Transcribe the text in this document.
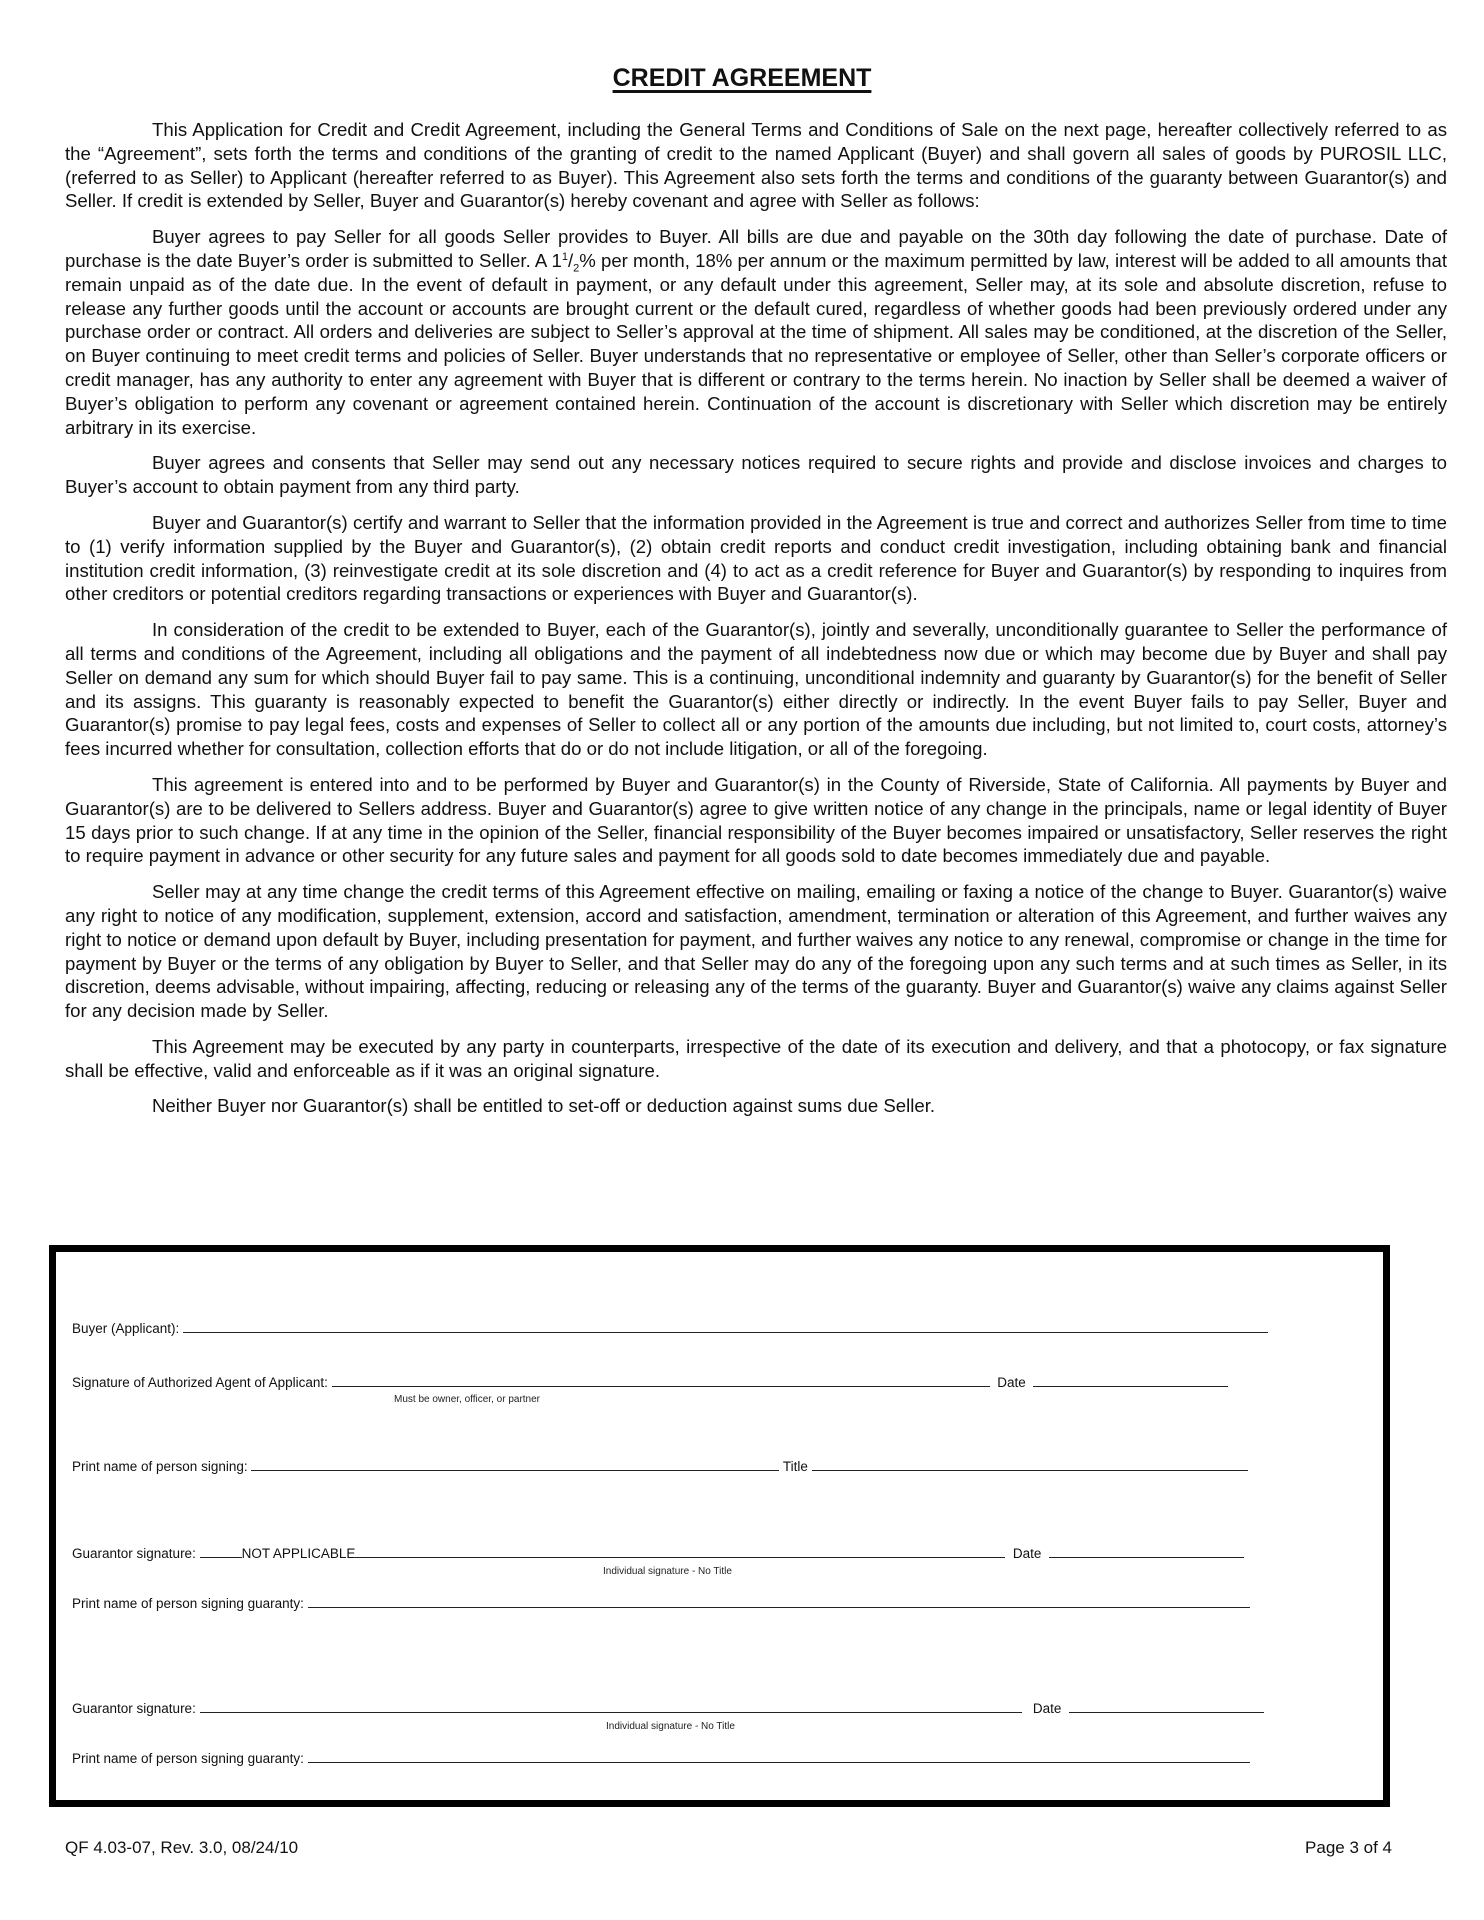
CREDIT AGREEMENT

This Application for Credit and Credit Agreement, including the General Terms and Conditions of Sale on the next page, hereafter collectively referred to as the “Agreement”, sets forth the terms and conditions of the granting of credit to the named Applicant (Buyer) and shall govern all sales of goods by PUROSIL LLC, (referred to as Seller) to Applicant (hereafter referred to as Buyer). This Agreement also sets forth the terms and conditions of the guaranty between Guarantor(s) and Seller. If credit is extended by Seller, Buyer and Guarantor(s) hereby covenant and agree with Seller as follows:

Buyer agrees to pay Seller for all goods Seller provides to Buyer. All bills are due and payable on the 30th day following the date of purchase. Date of purchase is the date Buyer’s order is submitted to Seller. A $1^1/_2\%$ per month, 18% per annum or the maximum permitted by law, interest will be added to all amounts that remain unpaid as of the date due. In the event of default in payment, or any default under this agreement, Seller may, at its sole and absolute discretion, refuse to release any further goods until the account or accounts are brought current or the default cured, regardless of whether goods had been previously ordered under any purchase order or contract. All orders and deliveries are subject to Seller’s approval at the time of shipment. All sales may be conditioned, at the discretion of the Seller, on Buyer continuing to meet credit terms and policies of Seller. Buyer understands that no representative or employee of Seller, other than Seller’s corporate officers or credit manager, has any authority to enter any agreement with Buyer that is different or contrary to the terms herein. No inaction by Seller shall be deemed a waiver of Buyer’s obligation to perform any covenant or agreement contained herein. Continuation of the account is discretionary with Seller which discretion may be entirely arbitrary in its exercise.

Buyer agrees and consents that Seller may send out any necessary notices required to secure rights and provide and disclose invoices and charges to Buyer’s account to obtain payment from any third party.

Buyer and Guarantor(s) certify and warrant to Seller that the information provided in the Agreement is true and correct and authorizes Seller from time to time to (1) verify information supplied by the Buyer and Guarantor(s), (2) obtain credit reports and conduct credit investigation, including obtaining bank and financial institution credit information, (3) reinvestigate credit at its sole discretion and (4) to act as a credit reference for Buyer and Guarantor(s) by responding to inquires from other creditors or potential creditors regarding transactions or experiences with Buyer and Guarantor(s).

In consideration of the credit to be extended to Buyer, each of the Guarantor(s), jointly and severally, unconditionally guarantee to Seller the performance of all terms and conditions of the Agreement, including all obligations and the payment of all indebtedness now due or which may become due by Buyer and shall pay Seller on demand any sum for which should Buyer fail to pay same. This is a continuing, unconditional indemnity and guaranty by Guarantor(s) for the benefit of Seller and its assigns. This guaranty is reasonably expected to benefit the Guarantor(s) either directly or indirectly. In the event Buyer fails to pay Seller, Buyer and Guarantor(s) promise to pay legal fees, costs and expenses of Seller to collect all or any portion of the amounts due including, but not limited to, court costs, attorney’s fees incurred whether for consultation, collection efforts that do or do not include litigation, or all of the foregoing.

This agreement is entered into and to be performed by Buyer and Guarantor(s) in the County of Riverside, State of California. All payments by Buyer and Guarantor(s) are to be delivered to Sellers address. Buyer and Guarantor(s) agree to give written notice of any change in the principals, name or legal identity of Buyer 15 days prior to such change. If at any time in the opinion of the Seller, financial responsibility of the Buyer becomes impaired or unsatisfactory, Seller reserves the right to require payment in advance or other security for any future sales and payment for all goods sold to date becomes immediately due and payable.

Seller may at any time change the credit terms of this Agreement effective on mailing, emailing or faxing a notice of the change to Buyer. Guarantor(s) waive any right to notice of any modification, supplement, extension, accord and satisfaction, amendment, termination or alteration of this Agreement, and further waives any right to notice or demand upon default by Buyer, including presentation for payment, and further waives any notice to any renewal, compromise or change in the time for payment by Buyer or the terms of any obligation by Buyer to Seller, and that Seller may do any of the foregoing upon any such terms and at such times as Seller, in its discretion, deems advisable, without impairing, affecting, reducing or releasing any of the terms of the guaranty. Buyer and Guarantor(s) waive any claims against Seller for any decision made by Seller.

This Agreement may be executed by any party in counterparts, irrespective of the date of its execution and delivery, and that a photocopy, or fax signature shall be effective, valid and enforceable as if it was an original signature.

Neither Buyer nor Guarantor(s) shall be entitled to set-off or deduction against sums due Seller.

Buyer (Applicant):
Signature of Authorized Agent of Applicant:	Date
Must be owner, officer, or partner
Print name of person signing:	Title
Guarantor signature:	NOT APPLICABLE	Date
Individual signature - No Title
Print name of person signing guaranty:
Guarantor signature:	Date
Individual signature - No Title
Print name of person signing guaranty:
QF 4.03-07, Rev. 3.0, 08/24/10	Page 3 of 4
